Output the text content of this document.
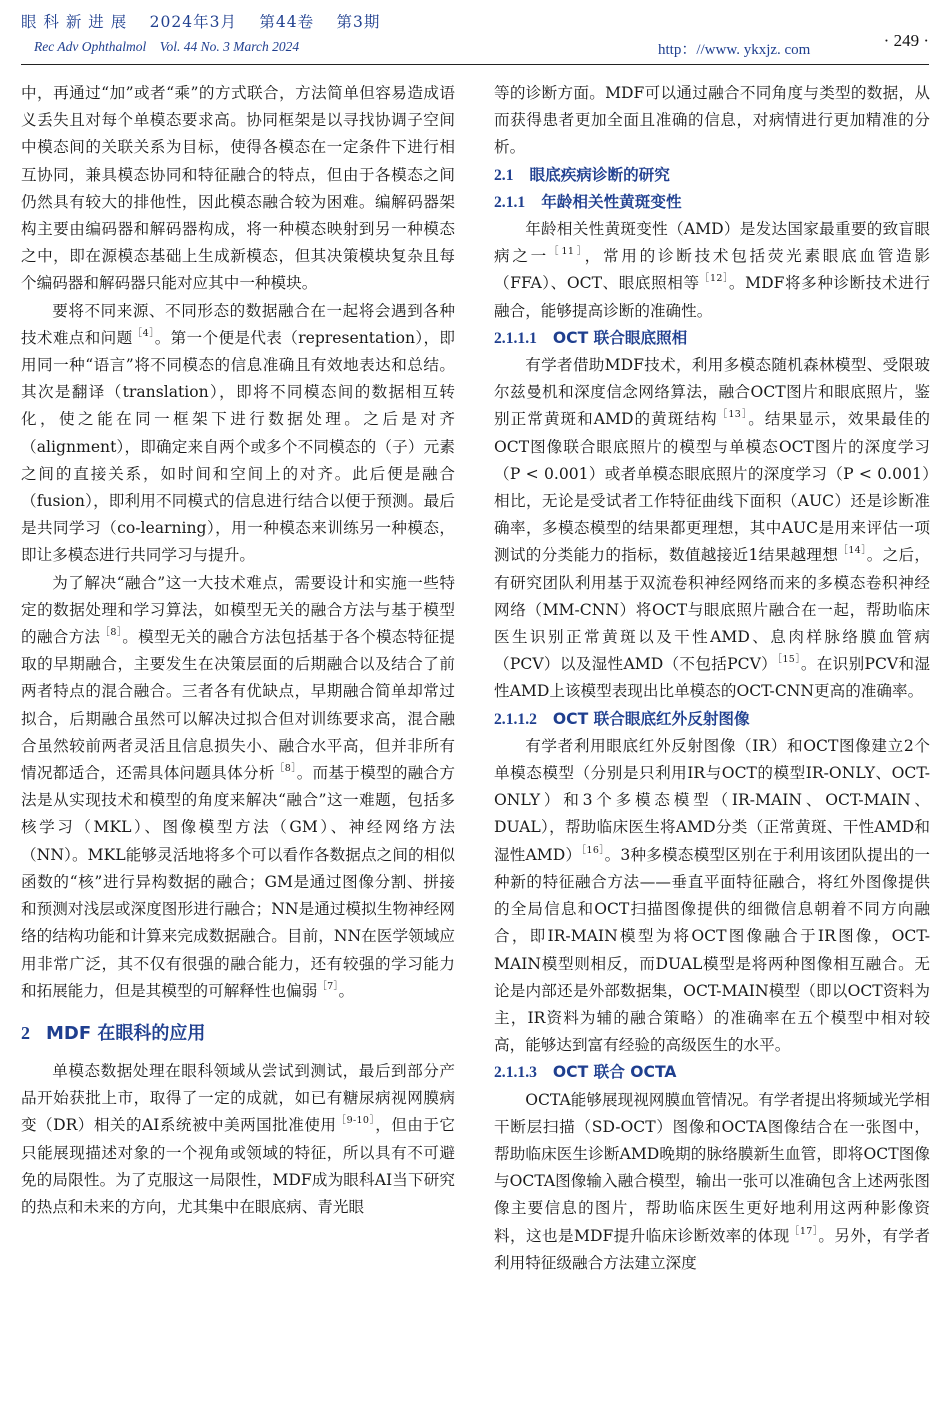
眼 科 新 进 展　 2024年3月　 第44卷　 第3期
Rec Adv Ophthalmol　Vol. 44 No. 3 March 2024	http：//www. ykxjz. com	· 249 ·

中，再通过“加”或者“乘”的方式联合，方法简单但容易造成语义丢失且对每个单模态要求高。协同框架是以寻找协调子空间中模态间的关联关系为目标，使得各模态在一定条件下进行相互协同，兼具模态协同和特征融合的特点，但由于各模态之间仍然具有较大的排他性，因此模态融合较为困难。编解码器架构主要由编码器和解码器构成，将一种模态映射到另一种模态之中，即在源模态基础上生成新模态，但其决策模块复杂且每个编码器和解码器只能对应其中一种模块。

要将不同来源、不同形态的数据融合在一起将会遇到各种技术难点和问题$^{[4]}$。第一个便是代表（representation），即用同一种“语言”将不同模态的信息准确且有效地表达和总结。其次是翻译（translation），即将不同模态间的数据相互转化，使之能在同一框架下进行数据处理。之后是对齐（alignment），即确定来自两个或多个不同模态的（子）元素之间的直接关系，如时间和空间上的对齐。此后便是融合（fusion），即利用不同模式的信息进行结合以便于预测。最后是共同学习（co-learning），用一种模态来训练另一种模态，即让多模态进行共同学习与提升。

为了解决“融合”这一大技术难点，需要设计和实施一些特定的数据处理和学习算法，如模型无关的融合方法与基于模型的融合方法$^{[8]}$。模型无关的融合方法包括基于各个模态特征提取的早期融合，主要发生在决策层面的后期融合以及结合了前两者特点的混合融合。三者各有优缺点，早期融合简单却常过拟合，后期融合虽然可以解决过拟合但对训练要求高，混合融合虽然较前两者灵活且信息损失小、融合水平高，但并非所有情况都适合，还需具体问题具体分析$^{[8]}$。而基于模型的融合方法是从实现技术和模型的角度来解决“融合”这一难题，包括多核学习（MKL）、图像模型方法（GM）、神经网络方法（NN）。MKL能够灵活地将多个可以看作各数据点之间的相似函数的“核”进行异构数据的融合；GM是通过图像分割、拼接和预测对浅层或深度图形进行融合；NN是通过模拟生物神经网络的结构功能和计算来完成数据融合。目前，NN在医学领域应用非常广泛，其不仅有很强的融合能力，还有较强的学习能力和拓展能力，但是其模型的可解释性也偏弱$^{[7]}$。

2 MDF 在眼科的应用

单模态数据处理在眼科领域从尝试到测试，最后到部分产品开始获批上市，取得了一定的成就，如已有糖尿病视网膜病变（DR）相关的AI系统被中美两国批准使用$^{[9-10]}$，但由于它只能展现描述对象的一个视角或领域的特征，所以具有不可避免的局限性。为了克服这一局限性，MDF成为眼科AI当下研究的热点和未来的方向，尤其集中在眼底病、青光眼

等的诊断方面。MDF可以通过融合不同角度与类型的数据，从而获得患者更加全面且准确的信息，对病情进行更加精准的分析。

2.1 眼底疾病诊断的研究
2.1.1 年龄相关性黄斑变性

年龄相关性黄斑变性（AMD）是发达国家最重要的致盲眼病之一$^{[11]}$，常用的诊断技术包括荧光素眼底血管造影（FFA）、OCT、眼底照相等$^{[12]}$。MDF将多种诊断技术进行融合，能够提高诊断的准确性。

2.1.1.1 OCT 联合眼底照相

有学者借助MDF技术，利用多模态随机森林模型、受限玻尔兹曼机和深度信念网络算法，融合OCT图片和眼底照片，鉴别正常黄斑和AMD的黄斑结构$^{[13]}$。结果显示，效果最佳的OCT图像联合眼底照片的模型与单模态OCT图片的深度学习（P < 0.001）或者单模态眼底照片的深度学习（P < 0.001）相比，无论是受试者工作特征曲线下面积（AUC）还是诊断准确率，多模态模型的结果都更理想，其中AUC是用来评估一项测试的分类能力的指标，数值越接近1结果越理想$^{[14]}$。之后，有研究团队利用基于双流卷积神经网络而来的多模态卷积神经网络（MM-CNN）将OCT与眼底照片融合在一起，帮助临床医生识别正常黄斑以及干性AMD、息肉样脉络膜血管病（PCV）以及湿性AMD（不包括PCV）$^{[15]}$。在识别PCV和湿性AMD上该模型表现出比单模态的OCT-CNN更高的准确率。

2.1.1.2 OCT 联合眼底红外反射图像

有学者利用眼底红外反射图像（IR）和OCT图像建立2个单模态模型（分别是只利用IR与OCT的模型IR-ONLY、OCT-ONLY）和3个多模态模型（IR-MAIN、OCT-MAIN、DUAL），帮助临床医生将AMD分类（正常黄斑、干性AMD和湿性AMD）$^{[16]}$。3种多模态模型区别在于利用该团队提出的一种新的特征融合方法——垂直平面特征融合，将红外图像提供的全局信息和OCT扫描图像提供的细微信息朝着不同方向融合，即IR-MAIN模型为将OCT图像融合于IR图像，OCT-MAIN模型则相反，而DUAL模型是将两种图像相互融合。无论是内部还是外部数据集，OCT-MAIN模型（即以OCT资料为主，IR资料为辅的融合策略）的准确率在五个模型中相对较高，能够达到富有经验的高级医生的水平。

2.1.1.3 OCT 联合 OCTA

OCTA能够展现视网膜血管情况。有学者提出将频域光学相干断层扫描（SD-OCT）图像和OCTA图像结合在一张图中，帮助临床医生诊断AMD晚期的脉络膜新生血管，即将OCT图像与OCTA图像输入融合模型，输出一张可以准确包含上述两张图像主要信息的图片，帮助临床医生更好地利用这两种影像资料，这也是MDF提升临床诊断效率的体现$^{[17]}$。另外，有学者利用特征级融合方法建立深度
